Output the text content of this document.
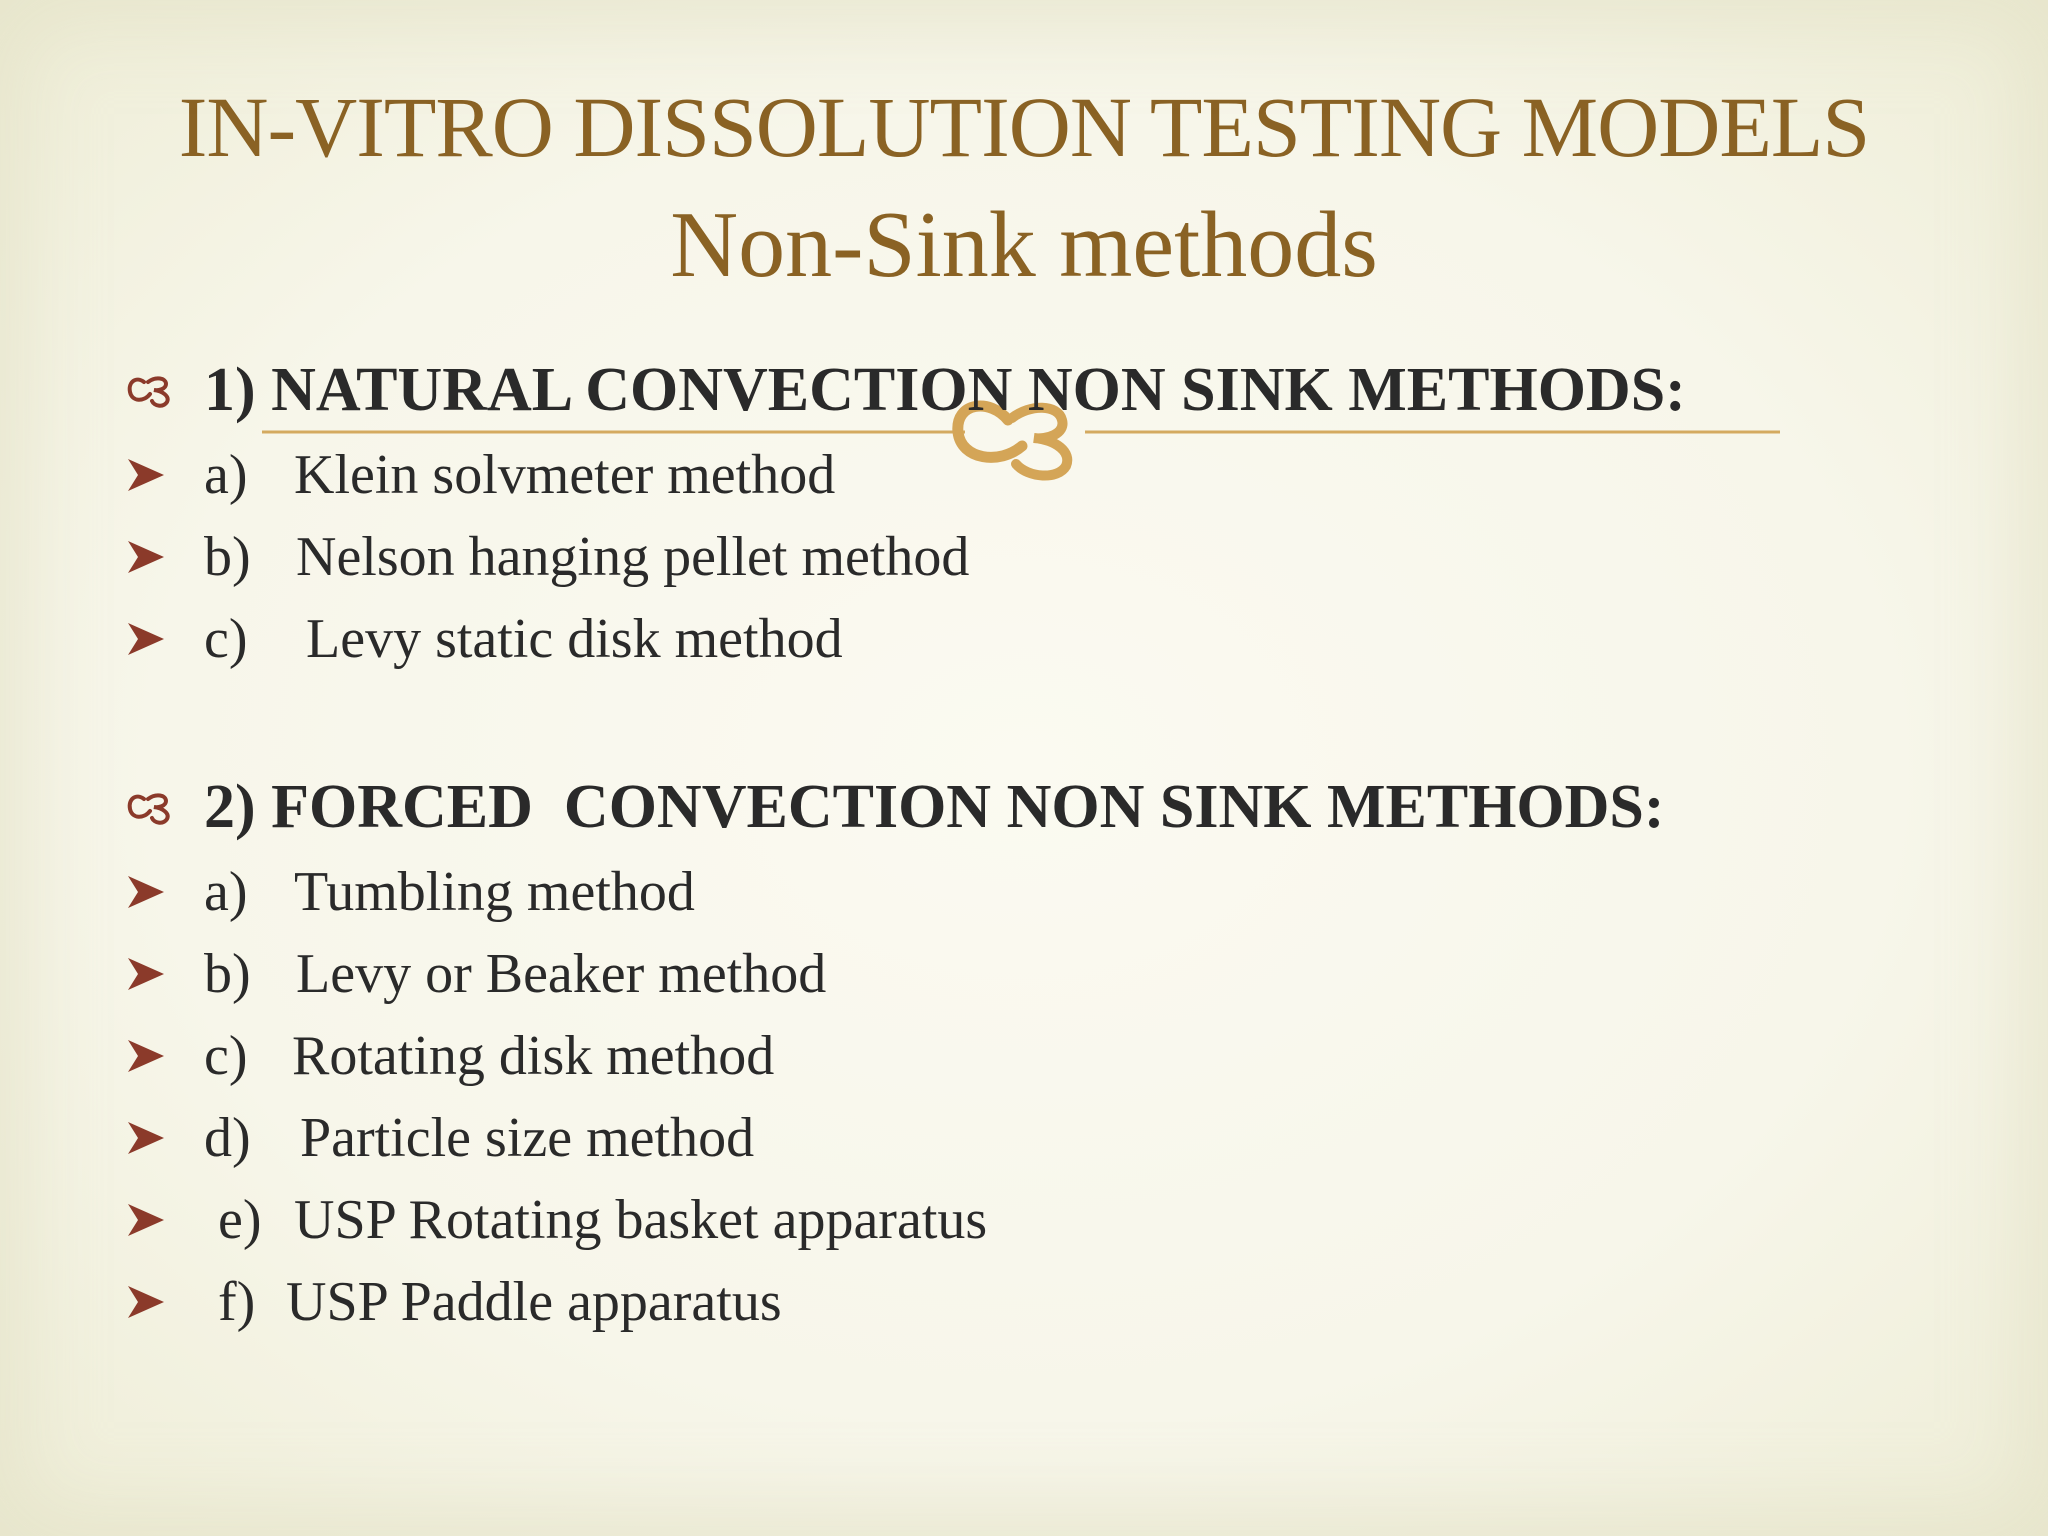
IN-VITRO DISSOLUTION TESTING MODELS
Non-Sink methods
1) NATURAL CONVECTION NON SINK METHODS:
a) Klein solvmeter method
b) Nelson hanging pellet method
c) Levy static disk method
2) FORCED  CONVECTION NON SINK METHODS:
a) Tumbling method
b) Levy or Beaker method
c) Rotating disk method
d) Particle size method
e) USP Rotating basket apparatus
f) USP Paddle apparatus
